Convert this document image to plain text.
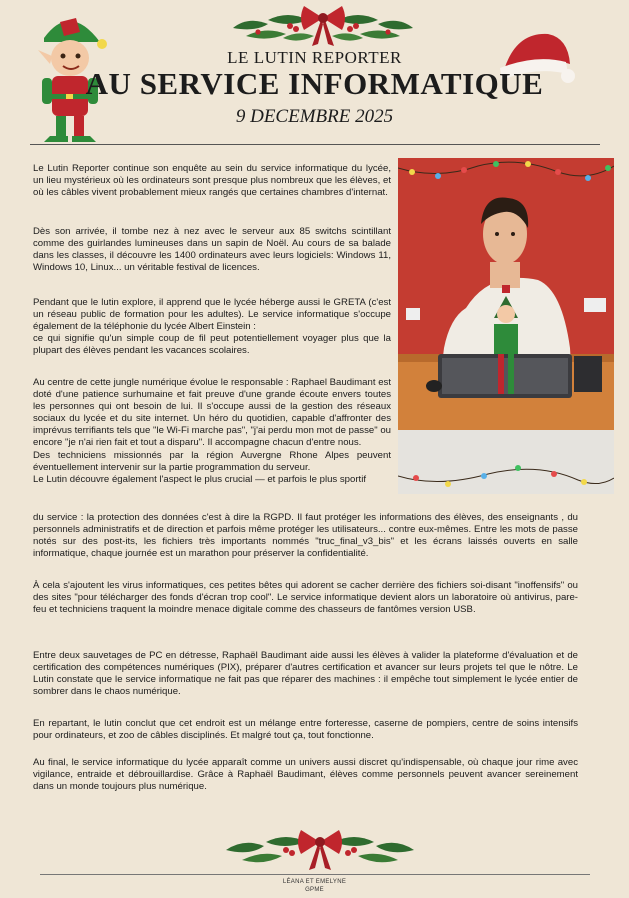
LE LUTIN REPORTER
AU SERVICE INFORMATIQUE
9 DECEMBRE 2025

Le Lutin Reporter continue son enquête au sein du service informatique du lycée, un lieu mystérieux où les ordinateurs sont presque plus nombreux que les élèves, et où les câbles vivent probablement mieux rangés que certaines chambres d'internat.

Dès son arrivée, il tombe nez à nez avec le serveur aux 85 switchs scintillant comme des guirlandes lumineuses dans un sapin de Noël. Au cours de sa balade dans les classes, il découvre les 1400 ordinateurs avec leurs logiciels: Windows 11, Windows 10, Linux... un véritable festival de licences.

Pendant que le lutin explore, il apprend que le lycée héberge aussi le GRETA (c'est un réseau public de formation pour les adultes). Le service informatique s'occupe également de la téléphonie du lycée Albert Einstein :
ce qui signifie qu'un simple coup de fil peut potentiellement voyager plus que la plupart des élèves pendant les vacances scolaires.

Au centre de cette jungle numérique évolue le responsable : Raphael Baudimant est doté d'une patience surhumaine et fait preuve d'une grande écoute envers toutes les personnes qui ont besoin de lui. Il s'occupe aussi de la gestion des réseaux sociaux du lycée et du site internet. Un héro du quotidien, capable d'affronter des imprévus terrifiants tels que "le Wi-Fi marche pas", "j'ai perdu mon mot de passe" ou encore "je n'ai rien fait et tout a disparu". Il accompagne chacun d'entre nous.
Des techniciens missionnés par la région Auvergne Rhone Alpes peuvent éventuellement intervenir sur la partie programmation du serveur.
Le Lutin découvre également l'aspect le plus crucial — et parfois le plus sportif

du service : la protection des données c'est à dire la RGPD. Il faut protéger les informations des élèves, des enseignants , du personnels administratifs et de direction et parfois même protéger les utilisateurs... contre eux-mêmes. Entre les mots de passe notés sur des post-its, les fichiers très importants nommés "truc_final_v3_bis" et les écrans laissés ouverts en salle informatique, chaque journée est un marathon pour préserver la confidentialité.

À cela s'ajoutent les virus informatiques, ces petites bêtes qui adorent se cacher derrière des fichiers soi-disant "inoffensifs" ou des sites "pour télécharger des fonds d'écran trop cool". Le service informatique devient alors un laboratoire où antivirus, pare-feu et techniciens traquent la moindre menace digitale comme des chasseurs de fantômes version USB.

Entre deux sauvetages de PC en détresse, Raphaël Baudimant aide aussi les élèves à valider la plateforme d'évaluation et de certification des compétences numériques (PIX), préparer d'autres certification et avancer sur leurs projets tel que le nôtre. Le Lutin constate que le service informatique ne fait pas que réparer des machines : il empêche tout simplement le lycée entier de sombrer dans le chaos numérique.

En repartant, le lutin conclut que cet endroit est un mélange entre forteresse, caserne de pompiers, centre de soins intensifs pour ordinateurs, et zoo de câbles disciplinés. Et malgré tout ça, tout fonctionne.

Au final, le service informatique du lycée apparaît comme un univers aussi discret qu'indispensable, où chaque jour rime avec vigilance, entraide et débrouillardise. Grâce à Raphaël Baudimant, élèves comme personnels peuvent avancer sereinement dans un monde toujours plus numérique.

LÉANA ET EMELYNE
GPME
